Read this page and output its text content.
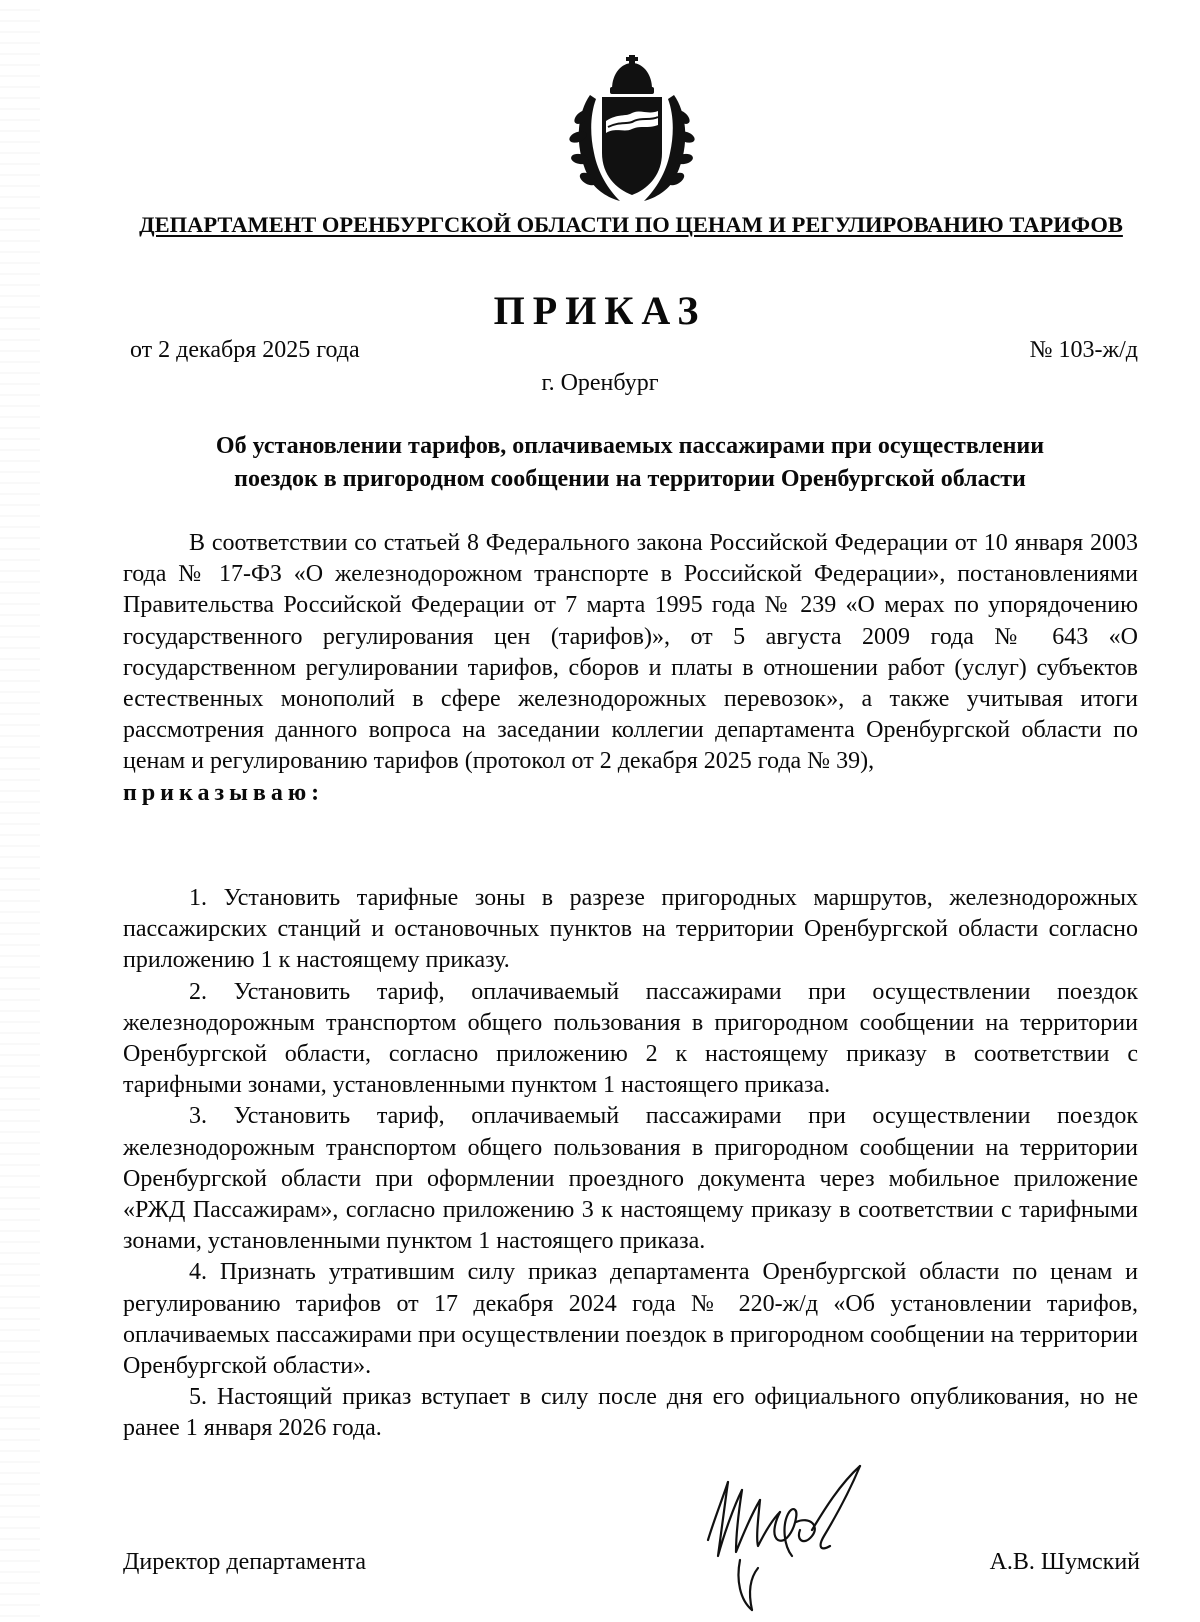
ДЕПАРТАМЕНТ ОРЕНБУРГСКОЙ ОБЛАСТИ ПО ЦЕНАМ И РЕГУЛИРОВАНИЮ ТАРИФОВ
ПРИКАЗ
от 2 декабря 2025 года	№ 103-ж/д
г. Оренбург
Об установлении тарифов, оплачиваемых пассажирами при осуществлении
поездок в пригородном сообщении на территории Оренбургской области

В соответствии со статьей 8 Федерального закона Российской Федерации от 10 января 2003 года № 17-ФЗ «О железнодорожном транспорте в Российской Федерации», постановлениями Правительства Российской Федерации от 7 марта 1995 года № 239 «О мерах по упорядочению государственного регулирования цен (тарифов)», от 5 августа 2009 года № 643 «О государственном регулировании тарифов, сборов и платы в отношении работ (услуг) субъектов естественных монополий в сфере железнодорожных перевозок», а также учитывая итоги рассмотрения данного вопроса на заседании коллегии департамента Оренбургской области по ценам и регулированию тарифов (протокол от 2 декабря 2025 года № 39),
приказываю:

1. Установить тарифные зоны в разрезе пригородных маршрутов, железнодорожных пассажирских станций и остановочных пунктов на территории Оренбургской области согласно приложению 1 к настоящему приказу.

2. Установить тариф, оплачиваемый пассажирами при осуществлении поездок железнодорожным транспортом общего пользования в пригородном сообщении на территории Оренбургской области, согласно приложению 2 к настоящему приказу в соответствии с тарифными зонами, установленными пунктом 1 настоящего приказа.

3. Установить тариф, оплачиваемый пассажирами при осуществлении поездок железнодорожным транспортом общего пользования в пригородном сообщении на территории Оренбургской области при оформлении проездного документа через мобильное приложение «РЖД Пассажирам», согласно приложению 3 к настоящему приказу в соответствии с тарифными зонами, установленными пунктом 1 настоящего приказа.

4. Признать утратившим силу приказ департамента Оренбургской области по ценам и регулированию тарифов от 17 декабря 2024 года № 220-ж/д «Об установлении тарифов, оплачиваемых пассажирами при осуществлении поездок в пригородном сообщении на территории Оренбургской области».

5. Настоящий приказ вступает в силу после дня его официального опубликования, но не ранее 1 января 2026 года.

Директор департамента	А.В. Шумский
